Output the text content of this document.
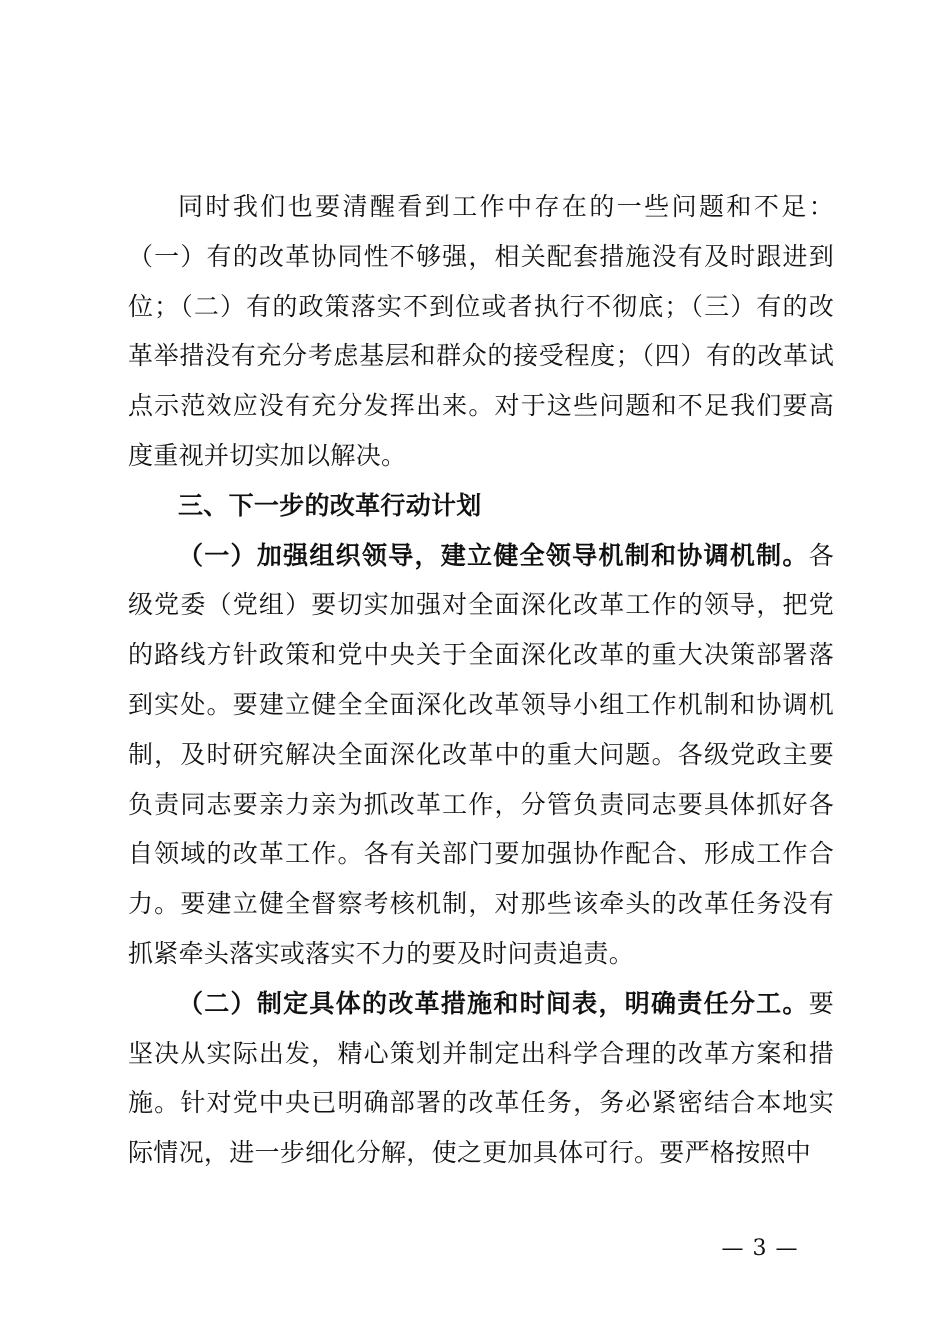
同时我们也要清醒看到工作中存在的一些问题和不足：（一）有的改革协同性不够强，相关配套措施没有及时跟进到位；（二）有的政策落实不到位或者执行不彻底；（三）有的改革举措没有充分考虑基层和群众的接受程度；（四）有的改革试点示范效应没有充分发挥出来。对于这些问题和不足我们要高度重视并切实加以解决。

三、下一步的改革行动计划

（一）加强组织领导，建立健全领导机制和协调机制。各级党委（党组）要切实加强对全面深化改革工作的领导，把党的路线方针政策和党中央关于全面深化改革的重大决策部署落到实处。要建立健全全面深化改革领导小组工作机制和协调机制，及时研究解决全面深化改革中的重大问题。各级党政主要负责同志要亲力亲为抓改革工作，分管负责同志要具体抓好各自领域的改革工作。各有关部门要加强协作配合、形成工作合力。要建立健全督察考核机制，对那些该牵头的改革任务没有抓紧牵头落实或落实不力的要及时问责追责。

（二）制定具体的改革措施和时间表，明确责任分工。要坚决从实际出发，精心策划并制定出科学合理的改革方案和措施。针对党中央已明确部署的改革任务，务必紧密结合本地实际情况，进一步细化分解，使之更加具体可行。要严格按照中

— 3 —
